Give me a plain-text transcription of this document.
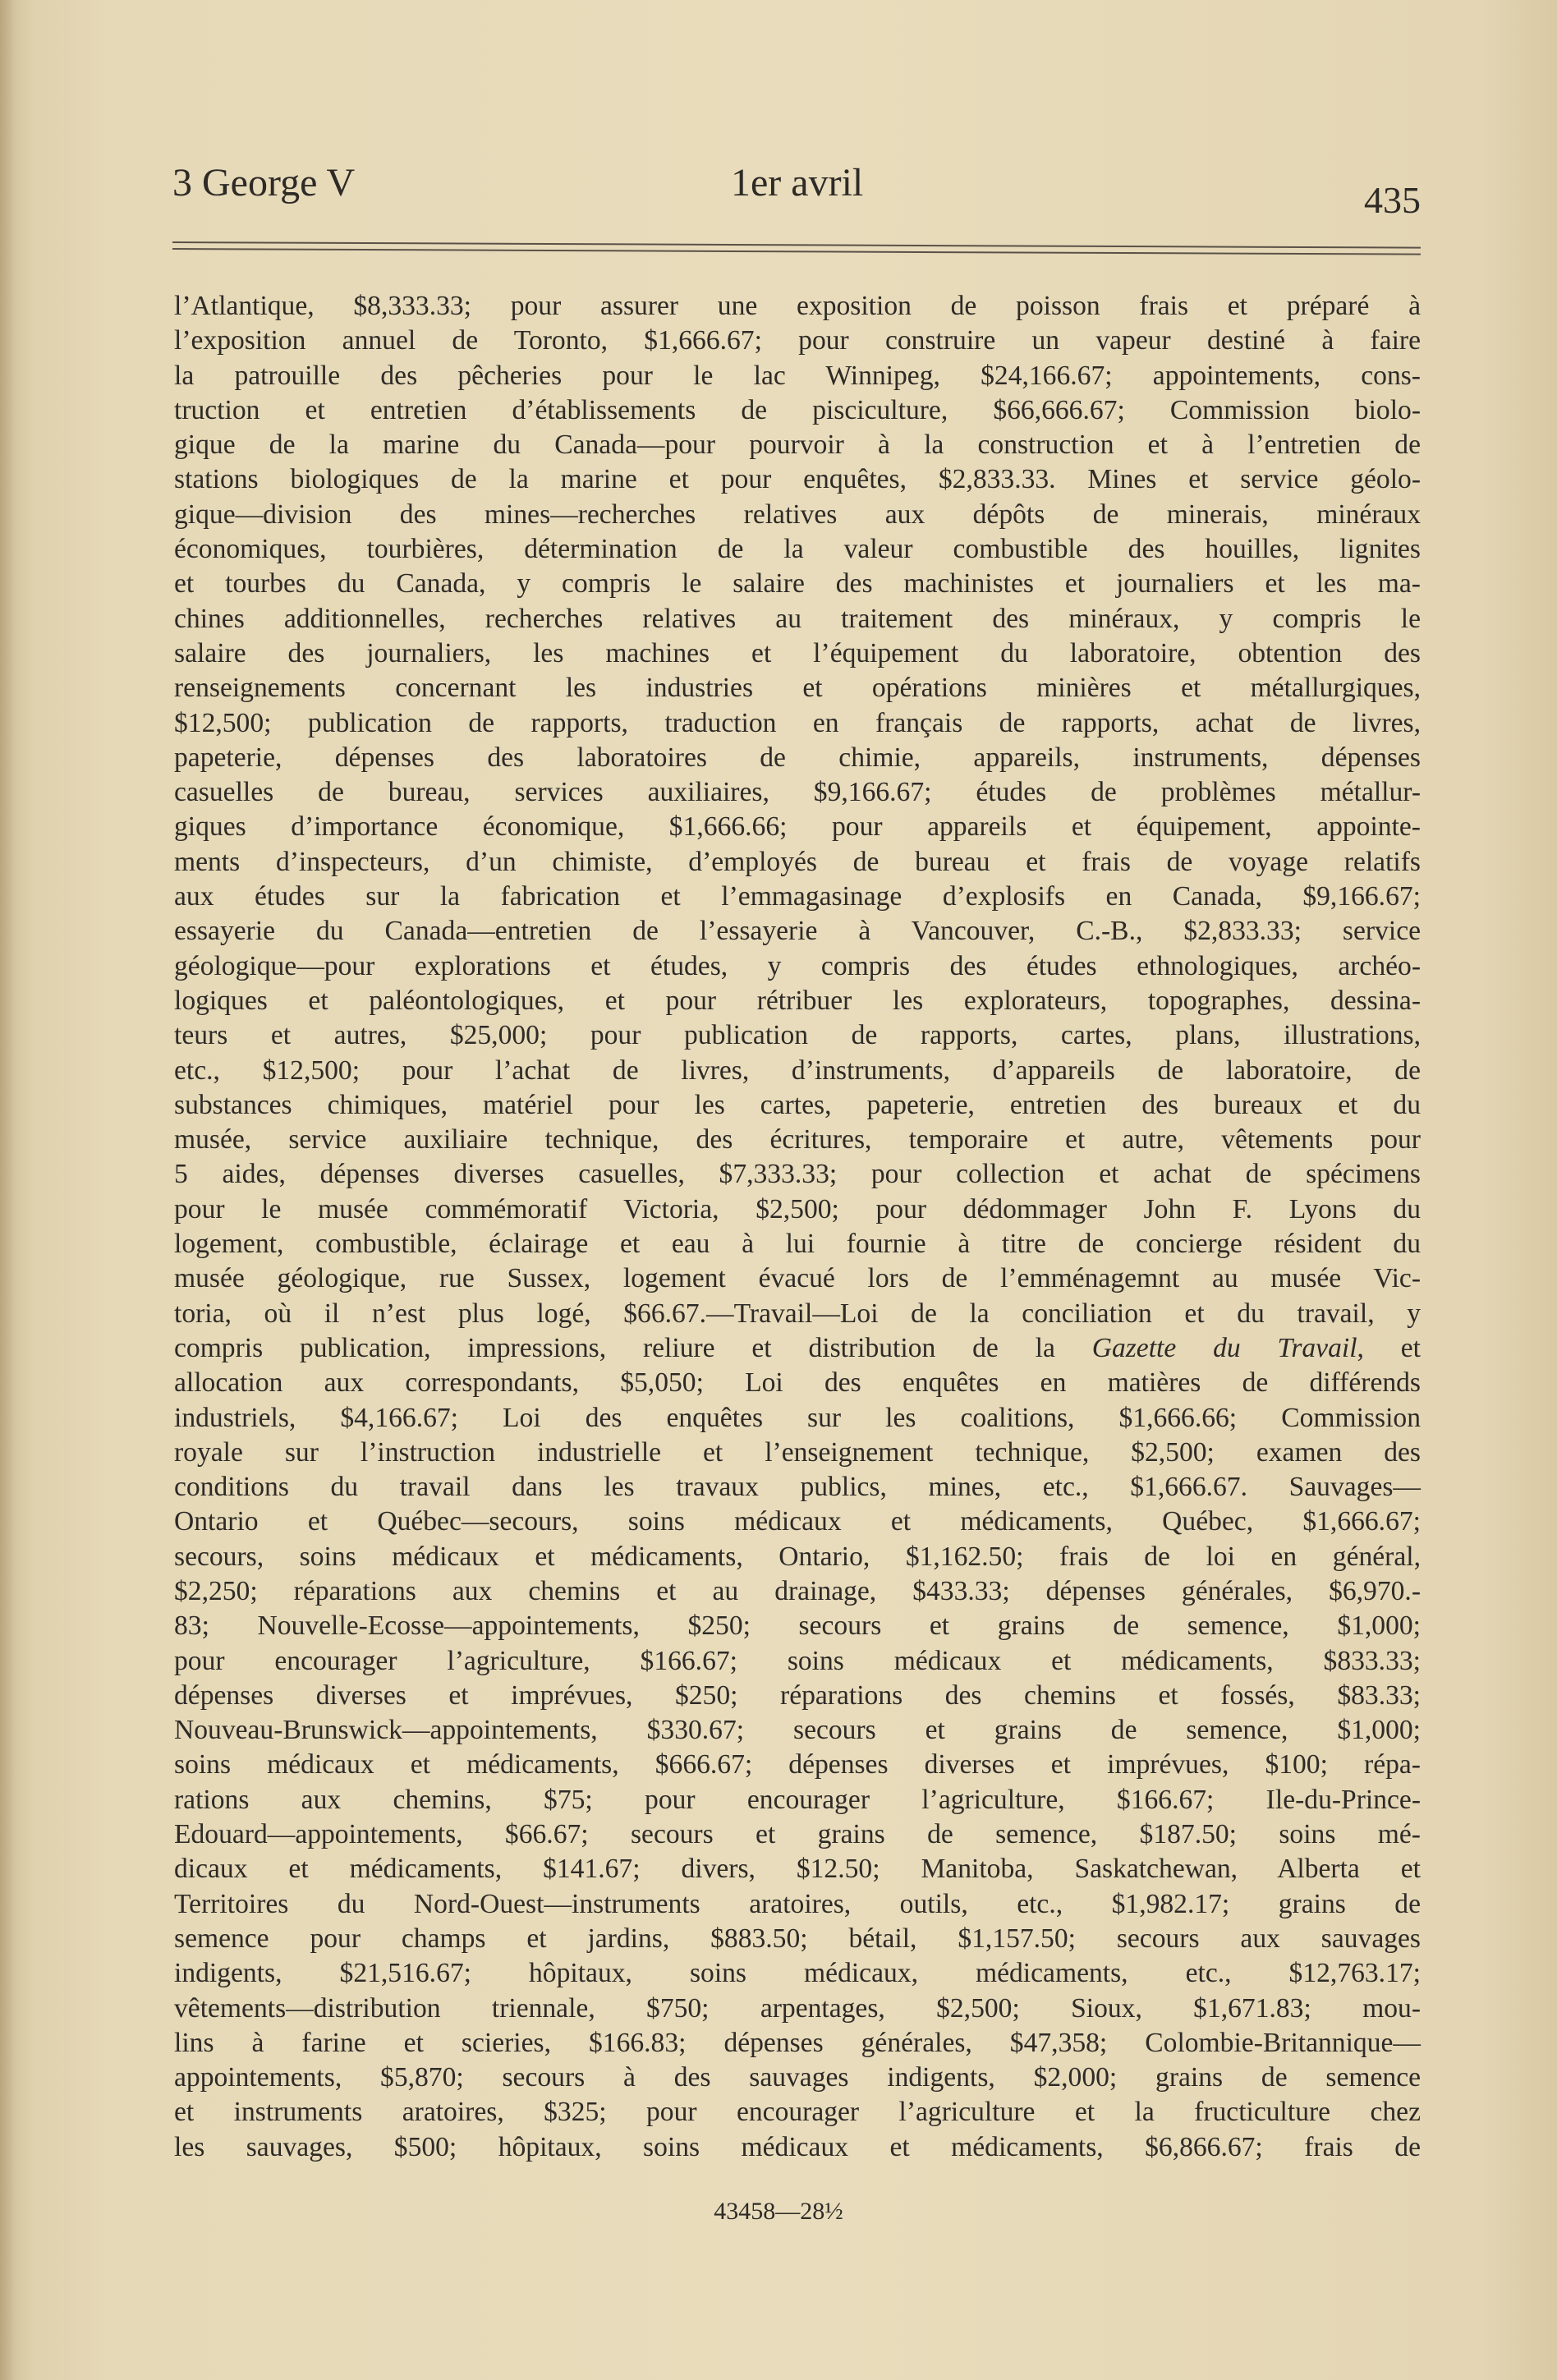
3 George V	1er avril	435
l’Atlantique, $8,333.33; pour assurer une exposition de poisson frais et préparé à
l’exposition annuel de Toronto, $1,666.67; pour construire un vapeur destiné à faire
la patrouille des pêcheries pour le lac Winnipeg, $24,166.67; appointements, cons-
truction et entretien d’établissements de pisciculture, $66,666.67; Commission biolo-
gique de la marine du Canada—pour pourvoir à la construction et à l’entretien de
stations biologiques de la marine et pour enquêtes, $2,833.33. Mines et service géolo-
gique—division des mines—recherches relatives aux dépôts de minerais, minéraux
économiques, tourbières, détermination de la valeur combustible des houilles, lignites
et tourbes du Canada, y compris le salaire des machinistes et journaliers et les ma-
chines additionnelles, recherches relatives au traitement des minéraux, y compris le
salaire des journaliers, les machines et l’équipement du laboratoire, obtention des
renseignements concernant les industries et opérations minières et métallurgiques,
$12,500; publication de rapports, traduction en français de rapports, achat de livres,
papeterie, dépenses des laboratoires de chimie, appareils, instruments, dépenses
casuelles de bureau, services auxiliaires, $9,166.67; études de problèmes métallur-
giques d’importance économique, $1,666.66; pour appareils et équipement, appointe-
ments d’inspecteurs, d’un chimiste, d’employés de bureau et frais de voyage relatifs
aux études sur la fabrication et l’emmagasinage d’explosifs en Canada, $9,166.67;
essayerie du Canada—entretien de l’essayerie à Vancouver, C.-B., $2,833.33; service
géologique—pour explorations et études, y compris des études ethnologiques, archéo-
logiques et paléontologiques, et pour rétribuer les explorateurs, topographes, dessina-
teurs et autres, $25,000; pour publication de rapports, cartes, plans, illustrations,
etc., $12,500; pour l’achat de livres, d’instruments, d’appareils de laboratoire, de
substances chimiques, matériel pour les cartes, papeterie, entretien des bureaux et du
musée, service auxiliaire technique, des écritures, temporaire et autre, vêtements pour
5 aides, dépenses diverses casuelles, $7,333.33; pour collection et achat de spécimens
pour le musée commémoratif Victoria, $2,500; pour dédommager John F. Lyons du
logement, combustible, éclairage et eau à lui fournie à titre de concierge résident du
musée géologique, rue Sussex, logement évacué lors de l’emménagemnt au musée Vic-
toria, où il n’est plus logé, $66.67.—Travail—Loi de la conciliation et du travail, y
compris publication, impressions, reliure et distribution de la Gazette du Travail, et
allocation aux correspondants, $5,050; Loi des enquêtes en matières de différends
industriels, $4,166.67; Loi des enquêtes sur les coalitions, $1,666.66; Commission
royale sur l’instruction industrielle et l’enseignement technique, $2,500; examen des
conditions du travail dans les travaux publics, mines, etc., $1,666.67. Sauvages—
Ontario et Québec—secours, soins médicaux et médicaments, Québec, $1,666.67;
secours, soins médicaux et médicaments, Ontario, $1,162.50; frais de loi en général,
$2,250; réparations aux chemins et au drainage, $433.33; dépenses générales, $6,970.-
83; Nouvelle-Ecosse—appointements, $250; secours et grains de semence, $1,000;
pour encourager l’agriculture, $166.67; soins médicaux et médicaments, $833.33;
dépenses diverses et imprévues, $250; réparations des chemins et fossés, $83.33;
Nouveau-Brunswick—appointements, $330.67; secours et grains de semence, $1,000;
soins médicaux et médicaments, $666.67; dépenses diverses et imprévues, $100; répa-
rations aux chemins, $75; pour encourager l’agriculture, $166.67; Ile-du-Prince-
Edouard—appointements, $66.67; secours et grains de semence, $187.50; soins mé-
dicaux et médicaments, $141.67; divers, $12.50; Manitoba, Saskatchewan, Alberta et
Territoires du Nord-Ouest—instruments aratoires, outils, etc., $1,982.17; grains de
semence pour champs et jardins, $883.50; bétail, $1,157.50; secours aux sauvages
indigents, $21,516.67; hôpitaux, soins médicaux, médicaments, etc., $12,763.17;
vêtements—distribution triennale, $750; arpentages, $2,500; Sioux, $1,671.83; mou-
lins à farine et scieries, $166.83; dépenses générales, $47,358; Colombie-Britannique—
appointements, $5,870; secours à des sauvages indigents, $2,000; grains de semence
et instruments aratoires, $325; pour encourager l’agriculture et la fructiculture chez
les sauvages, $500; hôpitaux, soins médicaux et médicaments, $6,866.67; frais de
43458—28½
